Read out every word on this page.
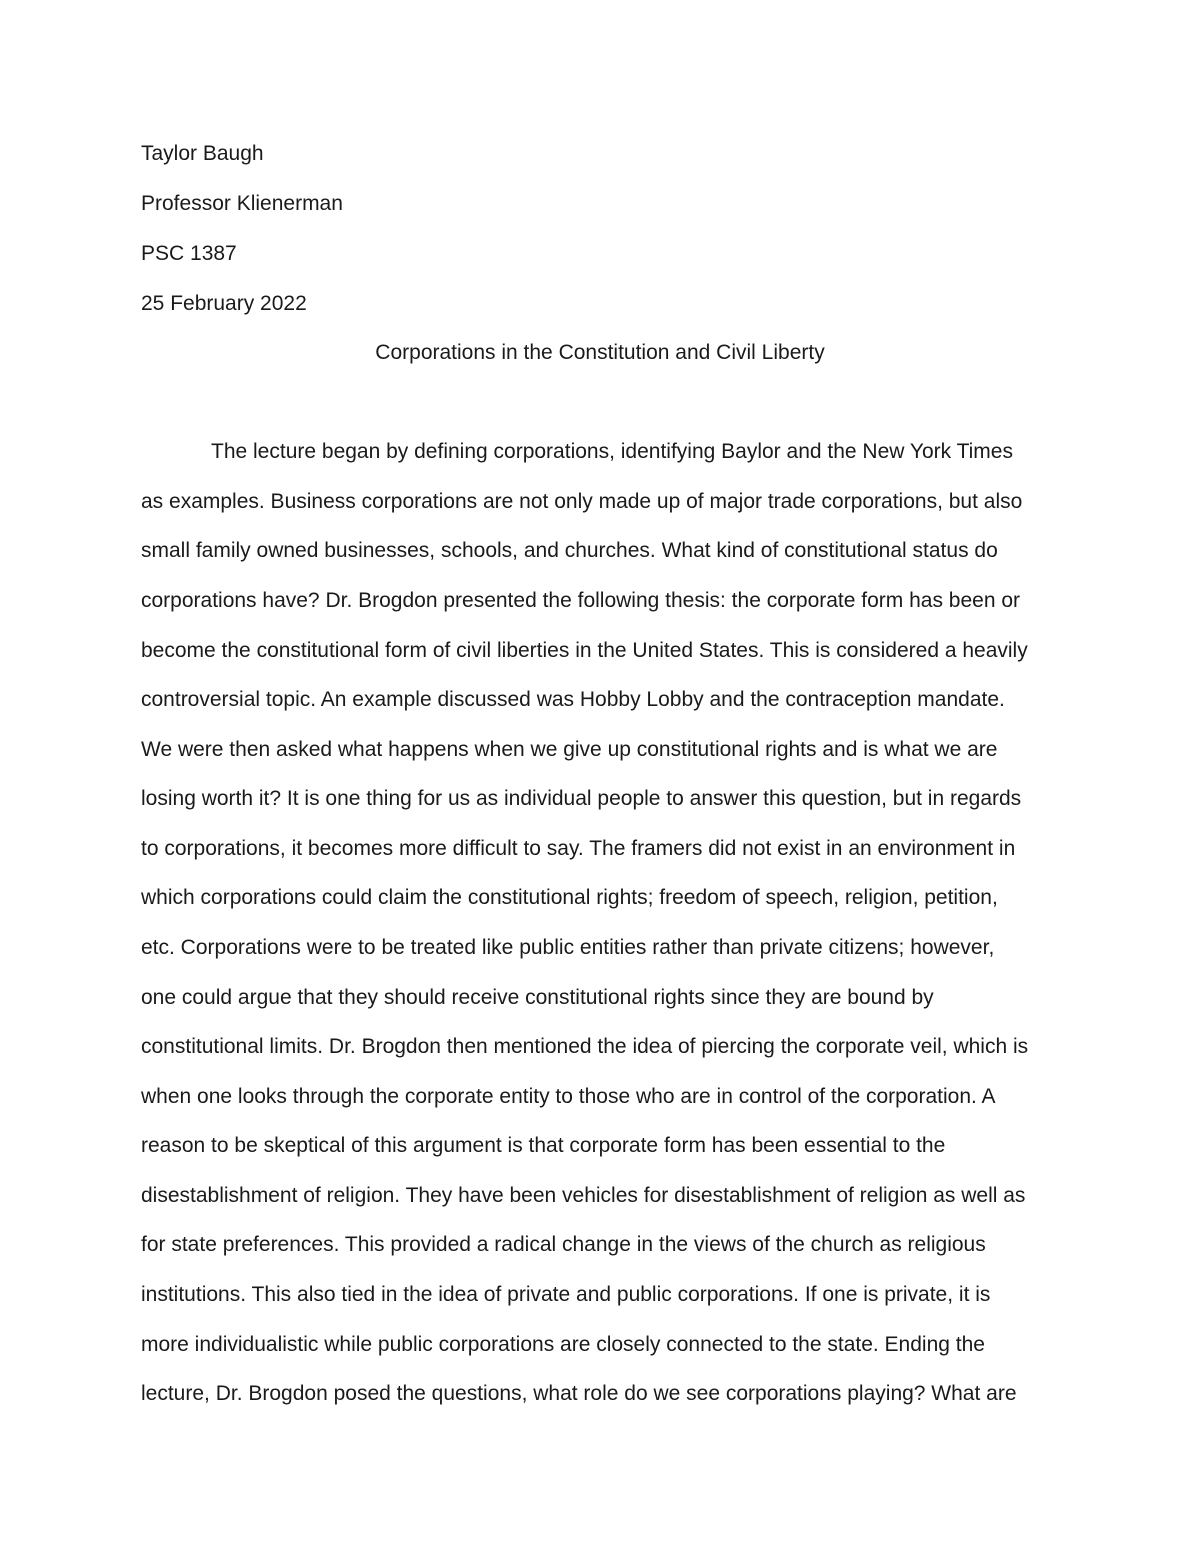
Taylor Baugh
Professor Klienerman
PSC 1387
25 February 2022
Corporations in the Constitution and Civil Liberty
The lecture began by defining corporations, identifying Baylor and the New York Times
as examples. Business corporations are not only made up of major trade corporations, but also
small family owned businesses, schools, and churches. What kind of constitutional status do
corporations have? Dr. Brogdon presented the following thesis: the corporate form has been or
become the constitutional form of civil liberties in the United States. This is considered a heavily
controversial topic. An example discussed was Hobby Lobby and the contraception mandate.
We were then asked what happens when we give up constitutional rights and is what we are
losing worth it? It is one thing for us as individual people to answer this question, but in regards
to corporations, it becomes more difficult to say. The framers did not exist in an environment in
which corporations could claim the constitutional rights; freedom of speech, religion, petition,
etc. Corporations were to be treated like public entities rather than private citizens; however,
one could argue that they should receive constitutional rights since they are bound by
constitutional limits. Dr. Brogdon then mentioned the idea of piercing the corporate veil, which is
when one looks through the corporate entity to those who are in control of the corporation. A
reason to be skeptical of this argument is that corporate form has been essential to the
disestablishment of religion. They have been vehicles for disestablishment of religion as well as
for state preferences. This provided a radical change in the views of the church as religious
institutions. This also tied in the idea of private and public corporations. If one is private, it is
more individualistic while public corporations are closely connected to the state. Ending the
lecture, Dr. Brogdon posed the questions, what role do we see corporations playing? What are
